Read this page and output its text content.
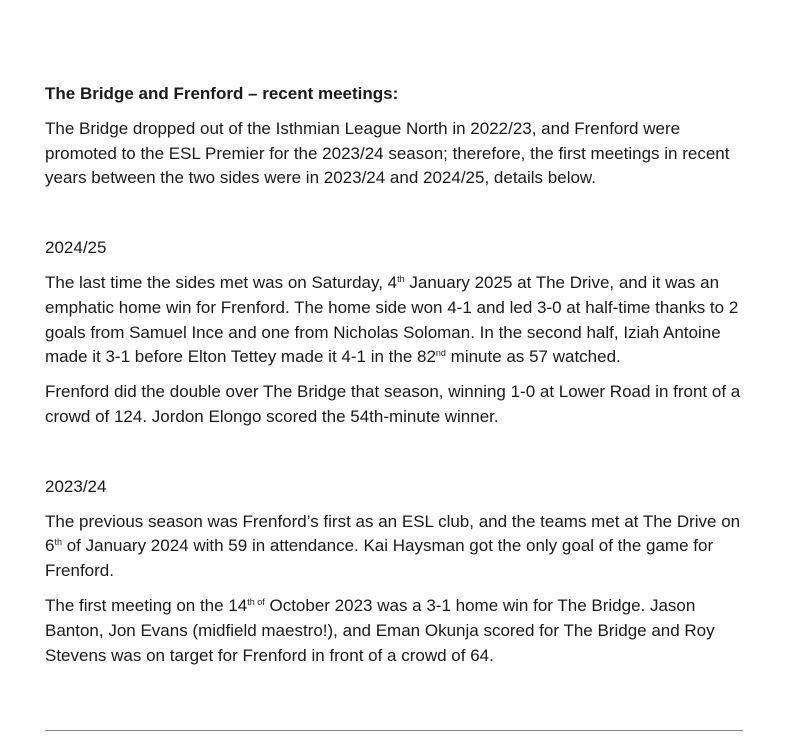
The Bridge and Frenford – recent meetings:

The Bridge dropped out of the Isthmian League North in 2022/23, and Frenford were promoted to the ESL Premier for the 2023/24 season; therefore, the first meetings in recent years between the two sides were in 2023/24 and 2024/25, details below.

2024/25

The last time the sides met was on Saturday, 4th January 2025 at The Drive, and it was an emphatic home win for Frenford. The home side won 4-1 and led 3-0 at half-time thanks to 2 goals from Samuel Ince and one from Nicholas Soloman. In the second half, Iziah Antoine made it 3-1 before Elton Tettey made it 4-1 in the 82nd minute as 57 watched.

Frenford did the double over The Bridge that season, winning 1-0 at Lower Road in front of a crowd of 124. Jordon Elongo scored the 54th-minute winner.

2023/24

The previous season was Frenford’s first as an ESL club, and the teams met at The Drive on 6th of January 2024 with 59 in attendance. Kai Haysman got the only goal of the game for Frenford.

The first meeting on the $14^{th of}$ October 2023 was a 3-1 home win for The Bridge. Jason Banton, Jon Evans (midfield maestro!), and Eman Okunja scored for The Bridge and Roy Stevens was on target for Frenford in front of a crowd of 64.
